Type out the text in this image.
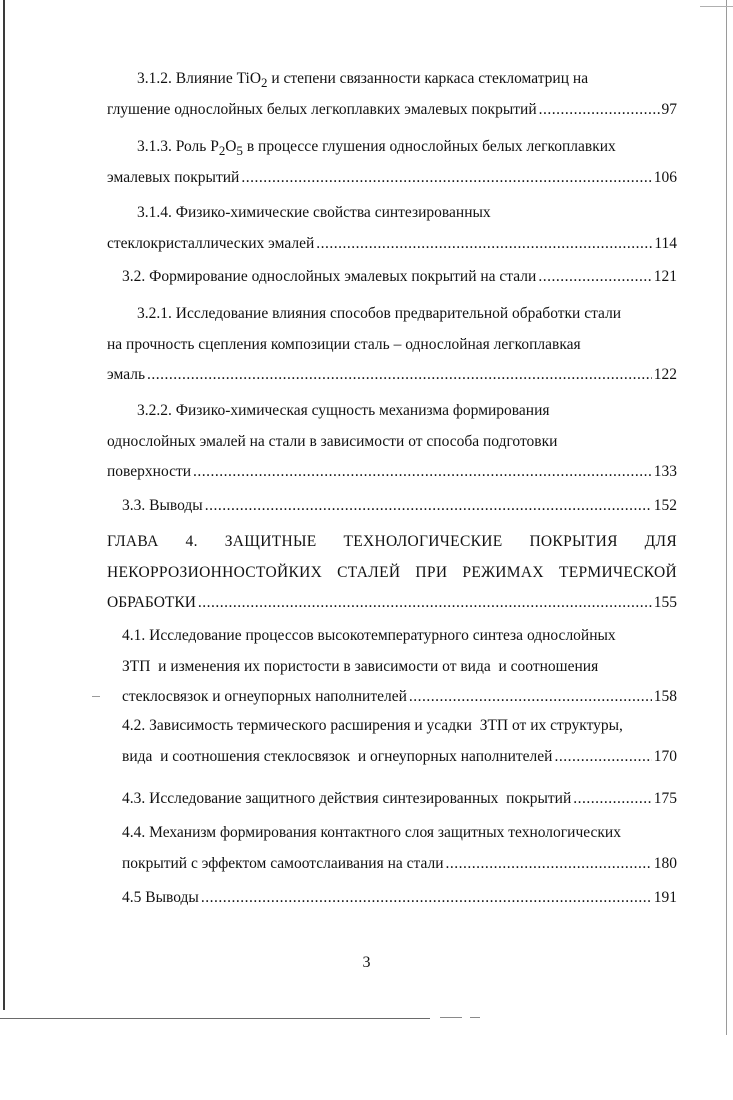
3.1.2. Влияние TiO$_2$ и степени связанности каркаса стекломатриц на
глушение однослойных белых легкоплавких эмалевых покрытий .....	97
3.1.3. Роль $P_2O_5$ в процессе глушения однослойных белых легкоплавких
эмалевых покрытий .....	106
3.1.4. Физико-химические свойства синтезированных
стеклокристаллических эмалей .....	114
3.2. Формирование однослойных эмалевых покрытий на стали .....	121
3.2.1. Исследование влияния способов предварительной обработки стали
на прочность сцепления композиции сталь – однослойная легкоплавкая
эмаль .....	122
3.2.2. Физико-химическая сущность механизма формирования
однослойных эмалей на стали в зависимости от способа подготовки
поверхности .....	133
3.3. Выводы .....	152
ГЛАВА 4. ЗАЩИТНЫЕ ТЕХНОЛОГИЧЕСКИЕ ПОКРЫТИЯ ДЛЯ
НЕКОРРОЗИОННОСТОЙКИХ СТАЛЕЙ ПРИ РЕЖИМАХ ТЕРМИЧЕСКОЙ
ОБРАБОТКИ .....	155
4.1. Исследование процессов высокотемпературного синтеза однослойных
ЗТП  и изменения их пористости в зависимости от вида  и соотношения
стеклосвязок и огнеупорных наполнителей .....	158
4.2. Зависимость термического расширения и усадки  ЗТП от их структуры,
вида  и соотношения стеклосвязок  и огнеупорных наполнителей .....	170
4.3. Исследование защитного действия синтезированных  покрытий .....	175
4.4. Механизм формирования контактного слоя защитных технологических
покрытий с эффектом самоотслаивания на стали .....	180
4.5 Выводы .....	191
3
